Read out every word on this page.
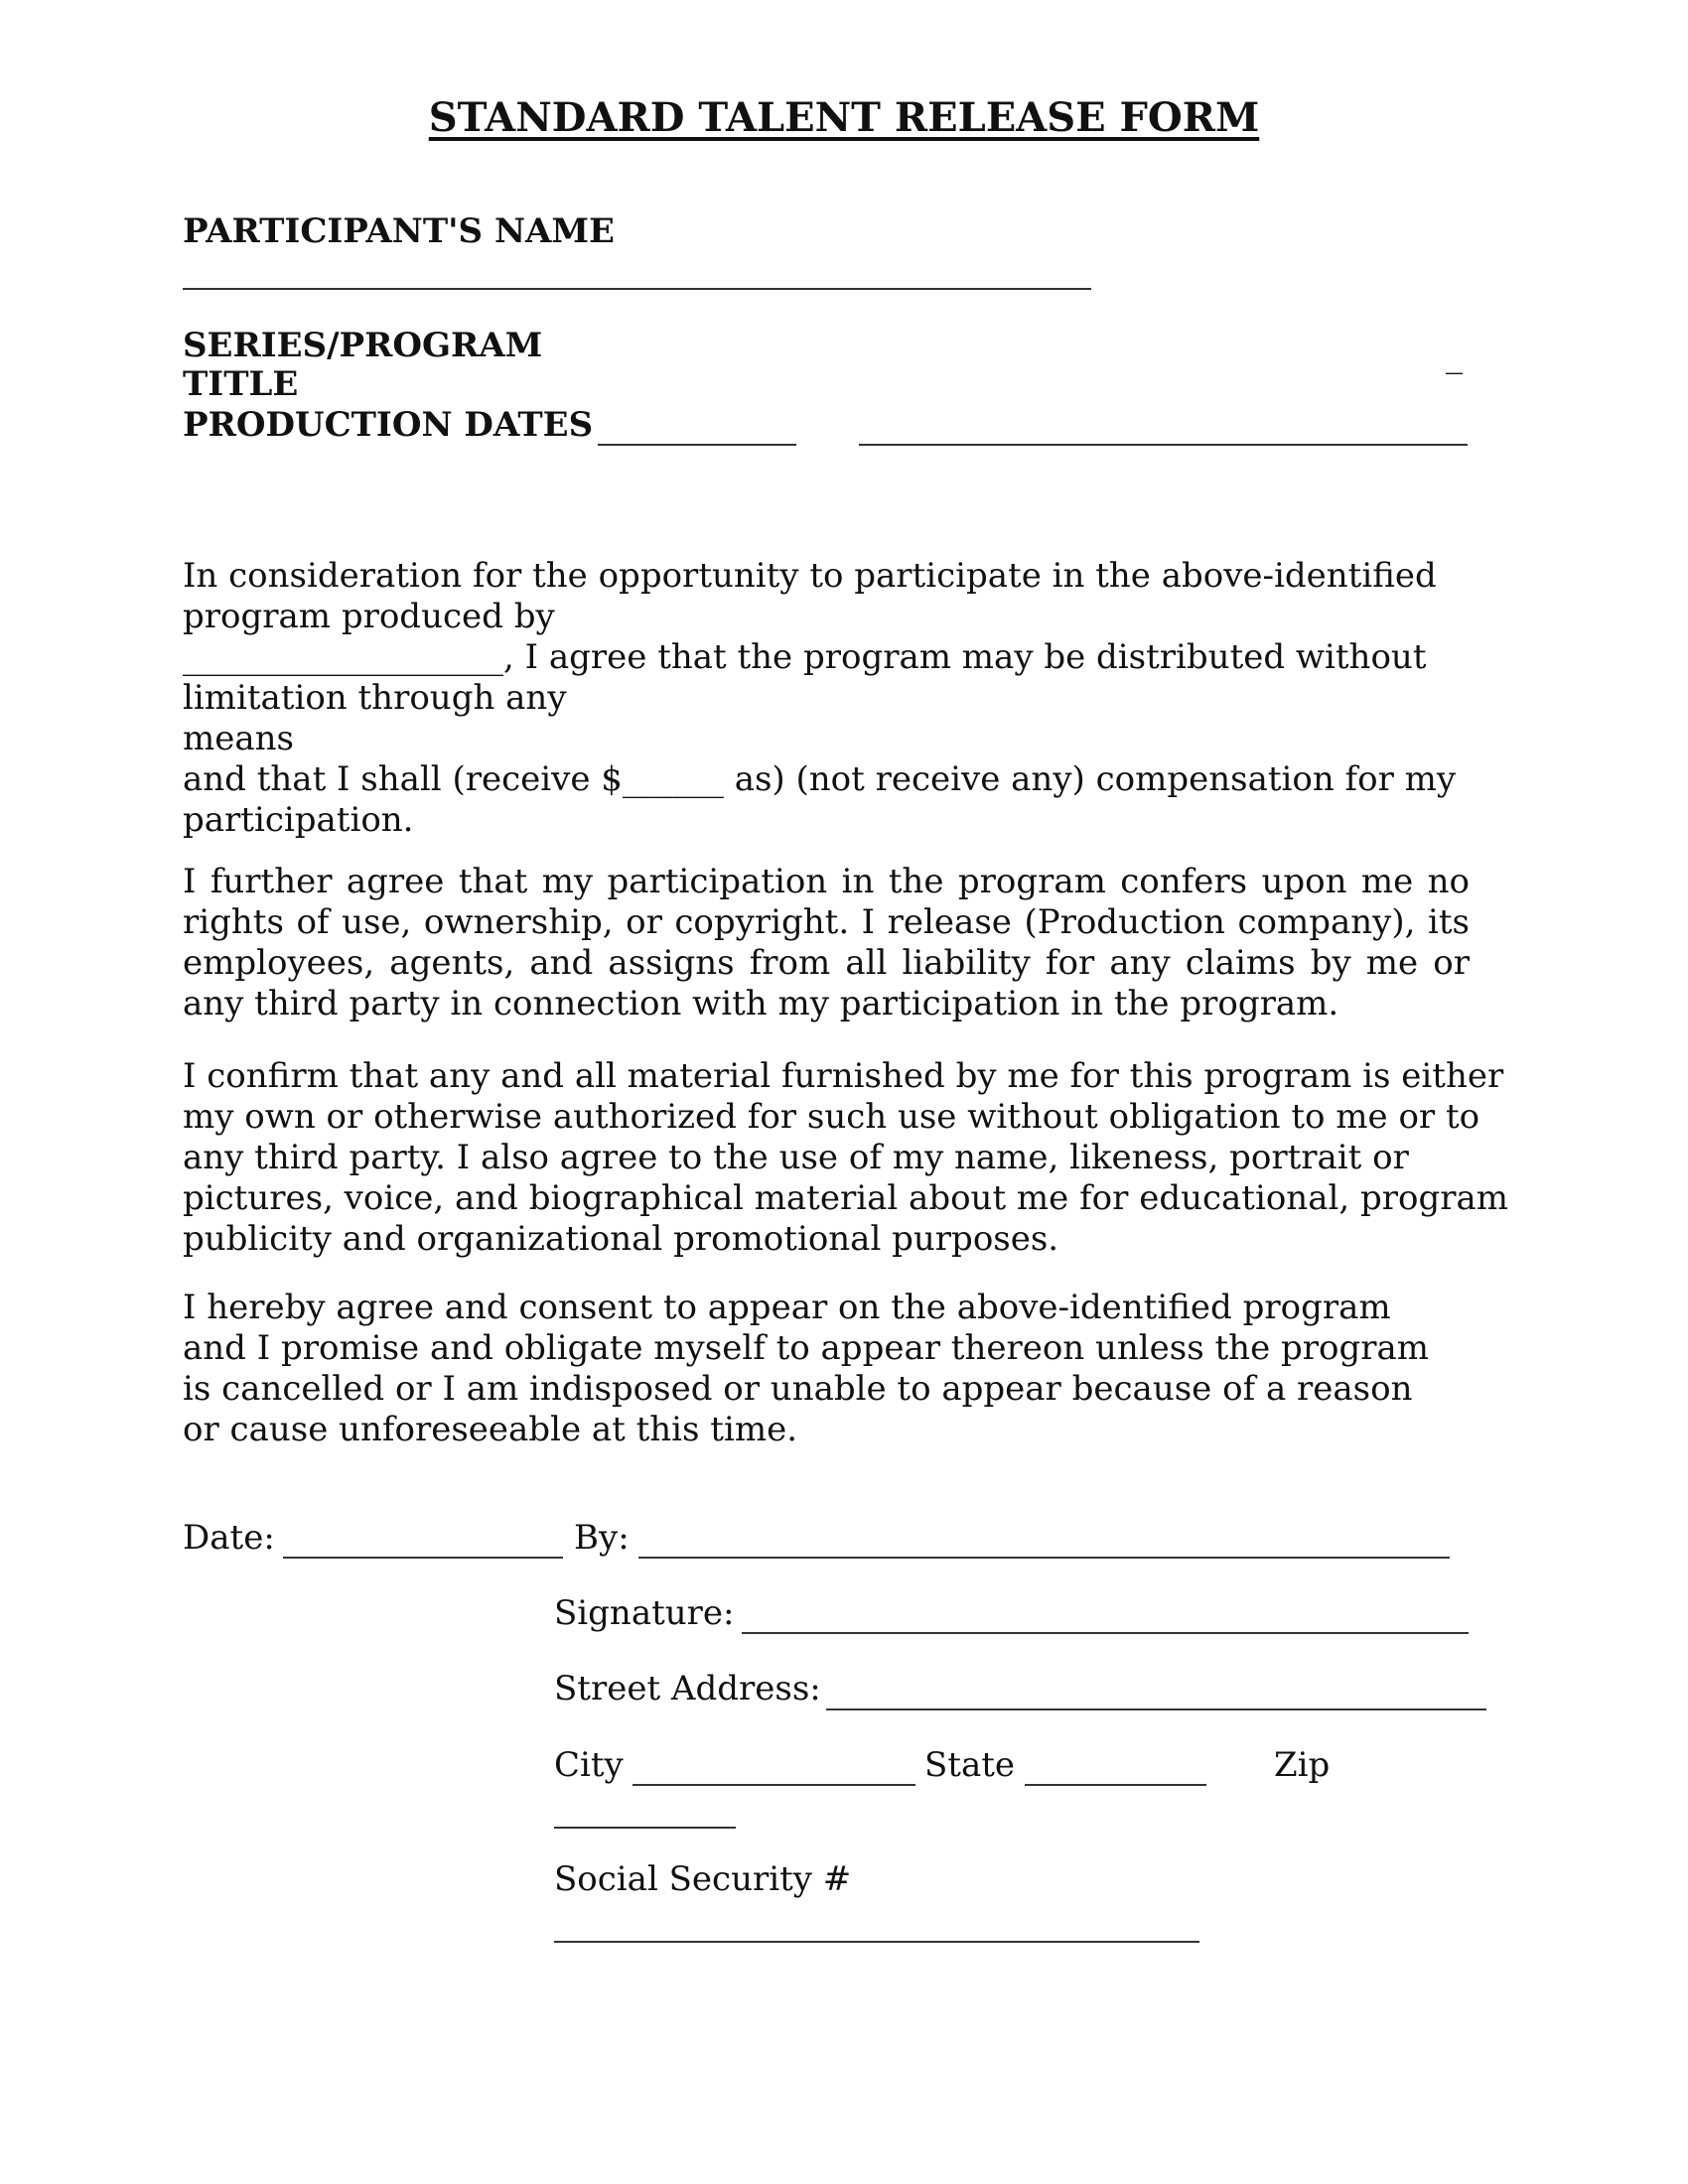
STANDARD TALENT RELEASE FORM
PARTICIPANT'S NAME
SERIES/PROGRAM
TITLE
_
PRODUCTION DATES
In consideration for the opportunity to participate in the above-identified
program produced by
___________________, I agree that the program may be distributed without
limitation through any
means
and that I shall (receive $______ as) (not receive any) compensation for my
participation.

I further agree that my participation in the program confers upon me no rights of use, ownership, or copyright. I release (Production company), its employees, agents, and assigns from all liability for any claims by me or any third party in connection with my participation in the program.

I confirm that any and all material furnished by me for this program is either
my own or otherwise authorized for such use without obligation to me or to
any third party. I also agree to the use of my name, likeness, portrait or
pictures, voice, and biographical material about me for educational, program
publicity and organizational promotional purposes.
I hereby agree and consent to appear on the above-identified program
and I promise and obligate myself to appear thereon unless the program
is cancelled or I am indisposed or unable to appear because of a reason
or cause unforeseeable at this time.
Date:	By:
Signature:
Street Address:
City	State	Zip
Social Security #
